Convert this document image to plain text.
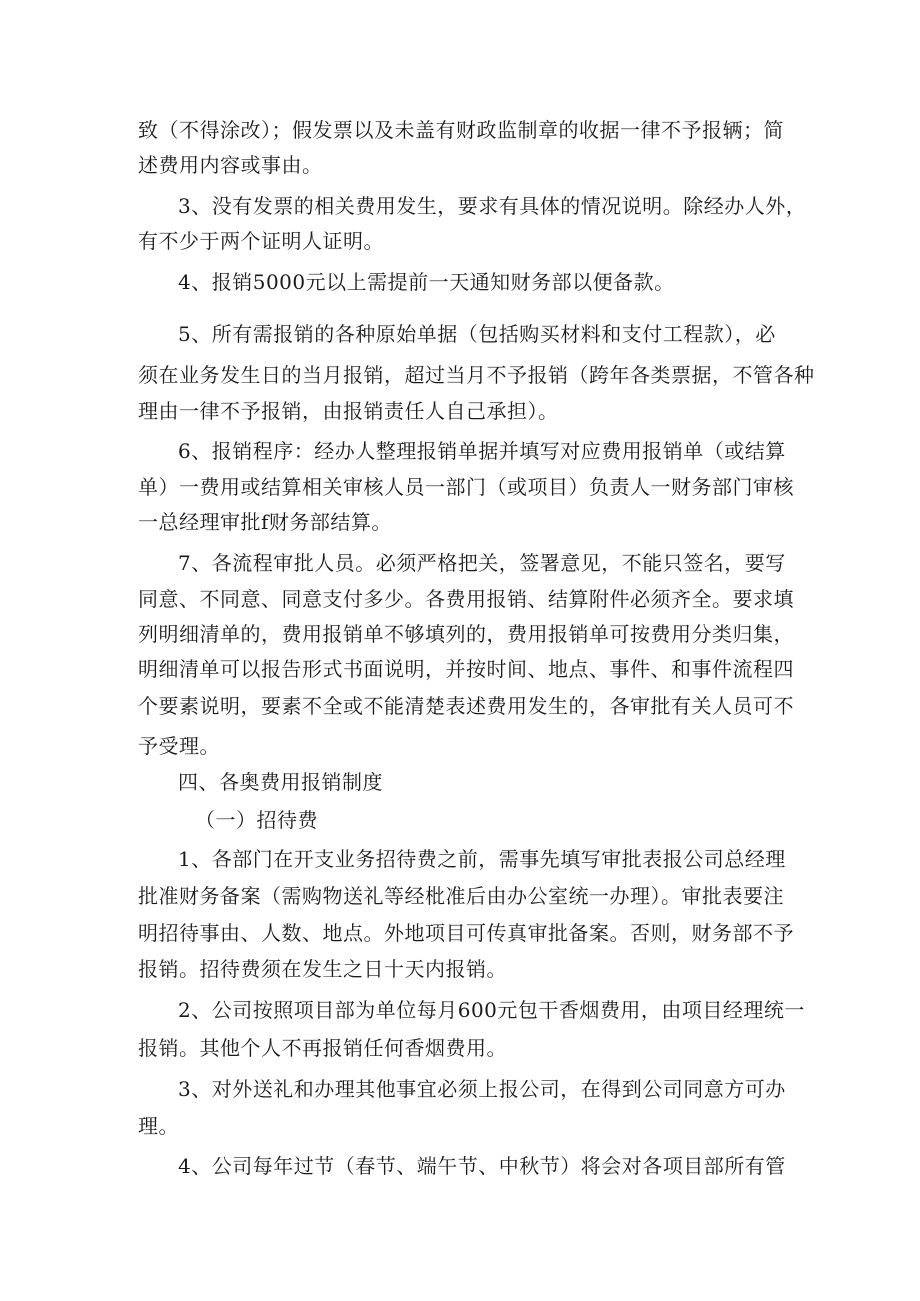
致（不得涂改）；假发票以及未盖有财政监制章的收据一律不予报辆；简
述费用内容或事由。
3、没有发票的相关费用发生，要求有具体的情况说明。除经办人外，
有不少于两个证明人证明。
4、报销5000元以上需提前一天通知财务部以便备款。
5、所有需报销的各种原始单据（包括购买材料和支付工程款），必
须在业务发生日的当月报销，超过当月不予报销（跨年各类票据，不管各种
理由一律不予报销，由报销责任人自己承担）。
6、报销程序：经办人整理报销单据并填写对应费用报销单（或结算
单）一费用或结算相关审核人员一部门（或项目）负责人一财务部门审核
一总经理审批f财务部结算。
7、各流程审批人员。必须严格把关，签署意见，不能只签名，要写
同意、不同意、同意支付多少。各费用报销、结算附件必须齐全。要求填
列明细清单的，费用报销单不够填列的，费用报销单可按费用分类归集，
明细清单可以报告形式书面说明，并按时间、地点、事件、和事件流程四
个要素说明，要素不全或不能清楚表述费用发生的，各审批有关人员可不
予受理。
四、各奥费用报销制度
（一）招待费
1、各部门在开支业务招待费之前，需事先填写审批表报公司总经理
批准财务备案（需购物送礼等经枇准后由办公室统一办理）。审批表要注
明招待事由、人数、地点。外地项目可传真审批备案。否则，财务部不予
报销。招待费须在发生之日十天内报销。
2、公司按照项目部为单位每月600元包干香烟费用，由项目经理统一
报销。其他个人不再报销任何香烟费用。
3、对外送礼和办理其他事宜必须上报公司，在得到公司同意方可办
理。
4、公司每年过节（春节、端午节、中秋节）将会对各项目部所有管
